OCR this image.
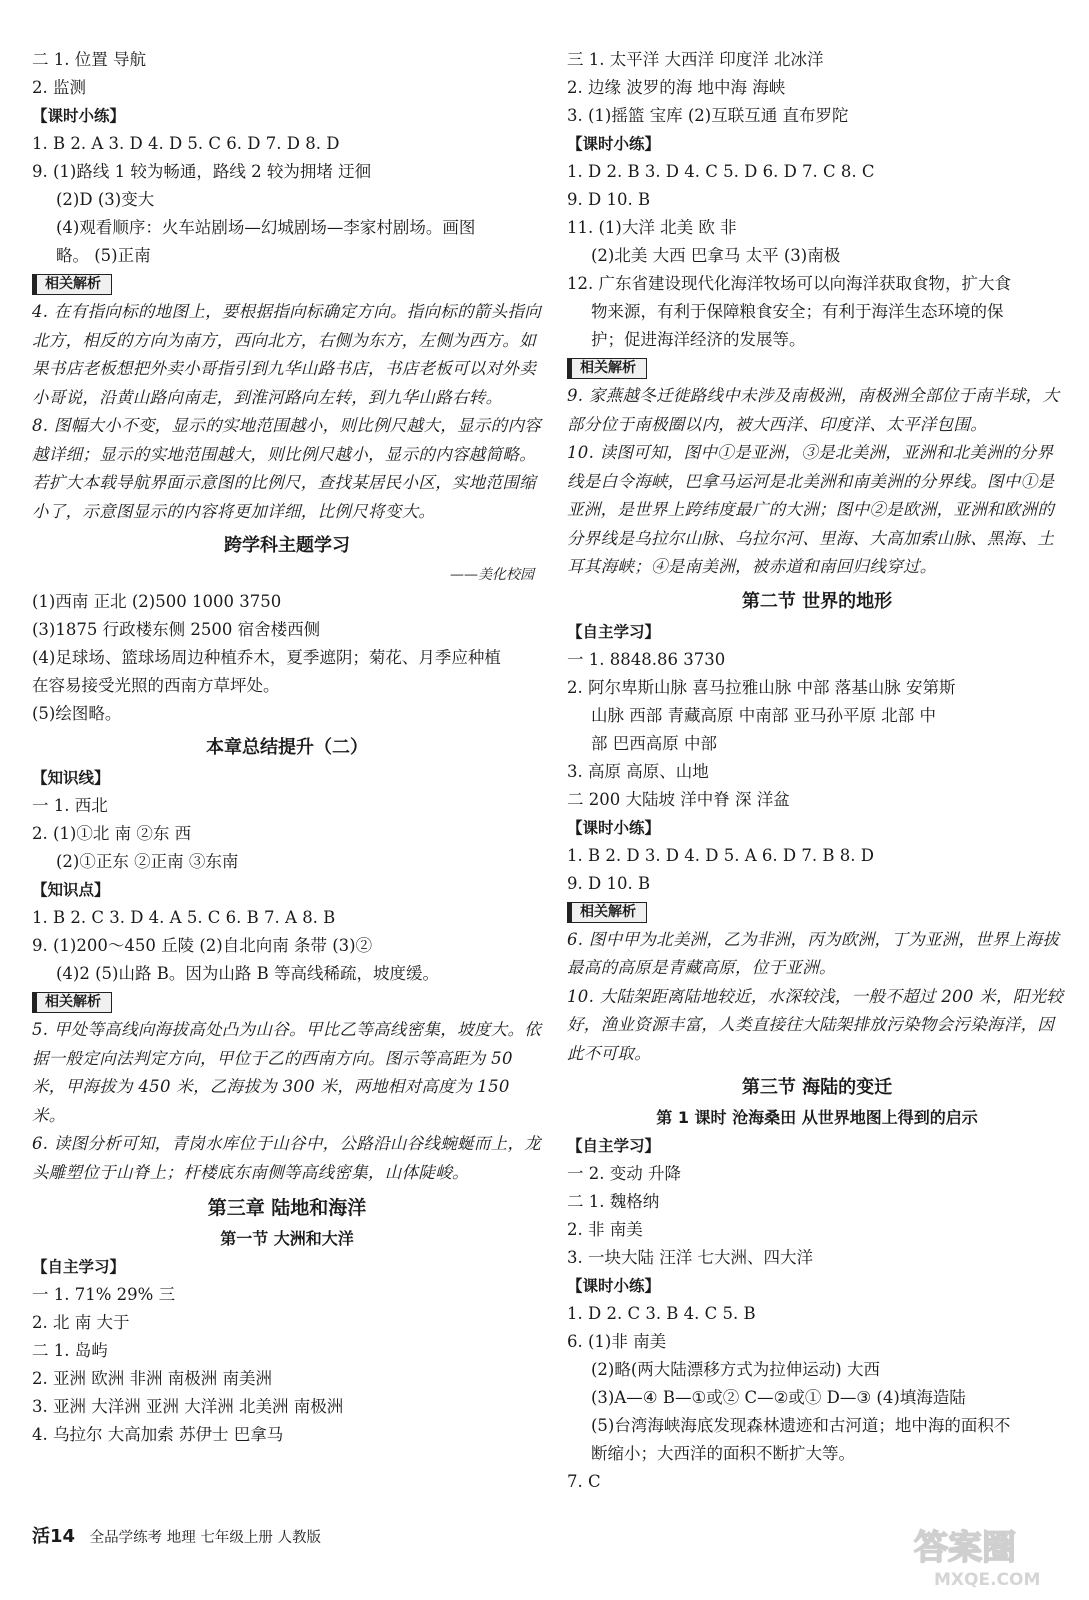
二 1. 位置 导航
2. 监测
【课时小练】
1. B 2. A 3. D 4. D 5. C 6. D 7. D 8. D
9. (1)路线 1 较为畅通，路线 2 较为拥堵 迂徊
(2)D (3)变大
(4)观看顺序：火车站剧场—幻城剧场—李家村剧场。画图
略。 (5)正南
相关解析
4. 在有指向标的地图上，要根据指向标确定方向。指向标的箭头指向北方，相反的方向为南方，西向北方，右侧为东方，左侧为西方。如果书店老板想把外卖小哥指引到九华山路书店，书店老板可以对外卖小哥说，沿黄山路向南走，到淮河路向左转，到九华山路右转。
8. 图幅大小不变，显示的实地范围越小，则比例尺越大，显示的内容越详细；显示的实地范围越大，则比例尺越小，显示的内容越简略。若扩大本载导航界面示意图的比例尺，查找某居民小区，实地范围缩小了，示意图显示的内容将更加详细，比例尺将变大。
跨学科主题学习
——美化校园
(1)西南 正北 (2)500 1000 3750
(3)1875 行政楼东侧 2500 宿舍楼西侧
(4)足球场、篮球场周边种植乔木，夏季遮阴；菊花、月季应种植
在容易接受光照的西南方草坪处。
(5)绘图略。
本章总结提升（二）
【知识线】
一 1. 西北
2. (1)①北 南 ②东 西
(2)①正东 ②正南 ③东南
【知识点】
1. B 2. C 3. D 4. A 5. C 6. B 7. A 8. B
9. (1)200～450 丘陵 (2)自北向南 条带 (3)②
(4)2 (5)山路 B。因为山路 B 等高线稀疏，坡度缓。
相关解析
5. 甲处等高线向海拔高处凸为山谷。甲比乙等高线密集，坡度大。依据一般定向法判定方向，甲位于乙的西南方向。图示等高距为 50 米，甲海拔为 450 米，乙海拔为 300 米，两地相对高度为 150 米。
6. 读图分析可知，青岗水库位于山谷中，公路沿山谷线蜿蜒而上，龙头雕塑位于山脊上；杆楼底东南侧等高线密集，山体陡峻。
第三章 陆地和海洋
第一节 大洲和大洋
【自主学习】
一 1. 71% 29% 三
2. 北 南 大于
二 1. 岛屿
2. 亚洲 欧洲 非洲 南极洲 南美洲
3. 亚洲 大洋洲 亚洲 大洋洲 北美洲 南极洲
4. 乌拉尔 大高加索 苏伊士 巴拿马
三 1. 太平洋 大西洋 印度洋 北冰洋
2. 边缘 波罗的海 地中海 海峡
3. (1)摇篮 宝库 (2)互联互通 直布罗陀
【课时小练】
1. D 2. B 3. D 4. C 5. D 6. D 7. C 8. C
9. D 10. B
11. (1)大洋 北美 欧 非
(2)北美 大西 巴拿马 太平 (3)南极
12. 广东省建设现代化海洋牧场可以向海洋获取食物，扩大食
物来源，有利于保障粮食安全；有利于海洋生态环境的保
护；促进海洋经济的发展等。
相关解析
9. 家燕越冬迁徙路线中未涉及南极洲，南极洲全部位于南半球，大部分位于南极圈以内，被大西洋、印度洋、太平洋包围。
10. 读图可知，图中①是亚洲，③是北美洲，亚洲和北美洲的分界线是白令海峡，巴拿马运河是北美洲和南美洲的分界线。图中①是亚洲，是世界上跨纬度最广的大洲；图中②是欧洲，亚洲和欧洲的分界线是乌拉尔山脉、乌拉尔河、里海、大高加索山脉、黑海、土耳其海峡；④是南美洲，被赤道和南回归线穿过。
第二节 世界的地形
【自主学习】
一 1. 8848.86 3730
2. 阿尔卑斯山脉 喜马拉雅山脉 中部 落基山脉 安第斯
山脉 西部 青藏高原 中南部 亚马孙平原 北部 中
部 巴西高原 中部
3. 高原 高原、山地
二 200 大陆坡 洋中脊 深 洋盆
【课时小练】
1. B 2. D 3. D 4. D 5. A 6. D 7. B 8. D
9. D 10. B
相关解析
6. 图中甲为北美洲，乙为非洲，丙为欧洲，丁为亚洲，世界上海拔最高的高原是青藏高原，位于亚洲。
10. 大陆架距离陆地较近，水深较浅，一般不超过 200 米，阳光较好，渔业资源丰富，人类直接往大陆架排放污染物会污染海洋，因此不可取。
第三节 海陆的变迁
第 1 课时 沧海桑田 从世界地图上得到的启示
【自主学习】
一 2. 变动 升降
二 1. 魏格纳
2. 非 南美
3. 一块大陆 汪洋 七大洲、四大洋
【课时小练】
1. D 2. C 3. B 4. C 5. B
6. (1)非 南美
(2)略(两大陆漂移方式为拉伸运动) 大西
(3)A—④ B—①或② C—②或① D—③ (4)填海造陆
(5)台湾海峡海底发现森林遗迹和古河道；地中海的面积不
断缩小；大西洋的面积不断扩大等。
7. C
活14 全品学练考 地理 七年级上册 人教版	答案圈
MXQE.COM
